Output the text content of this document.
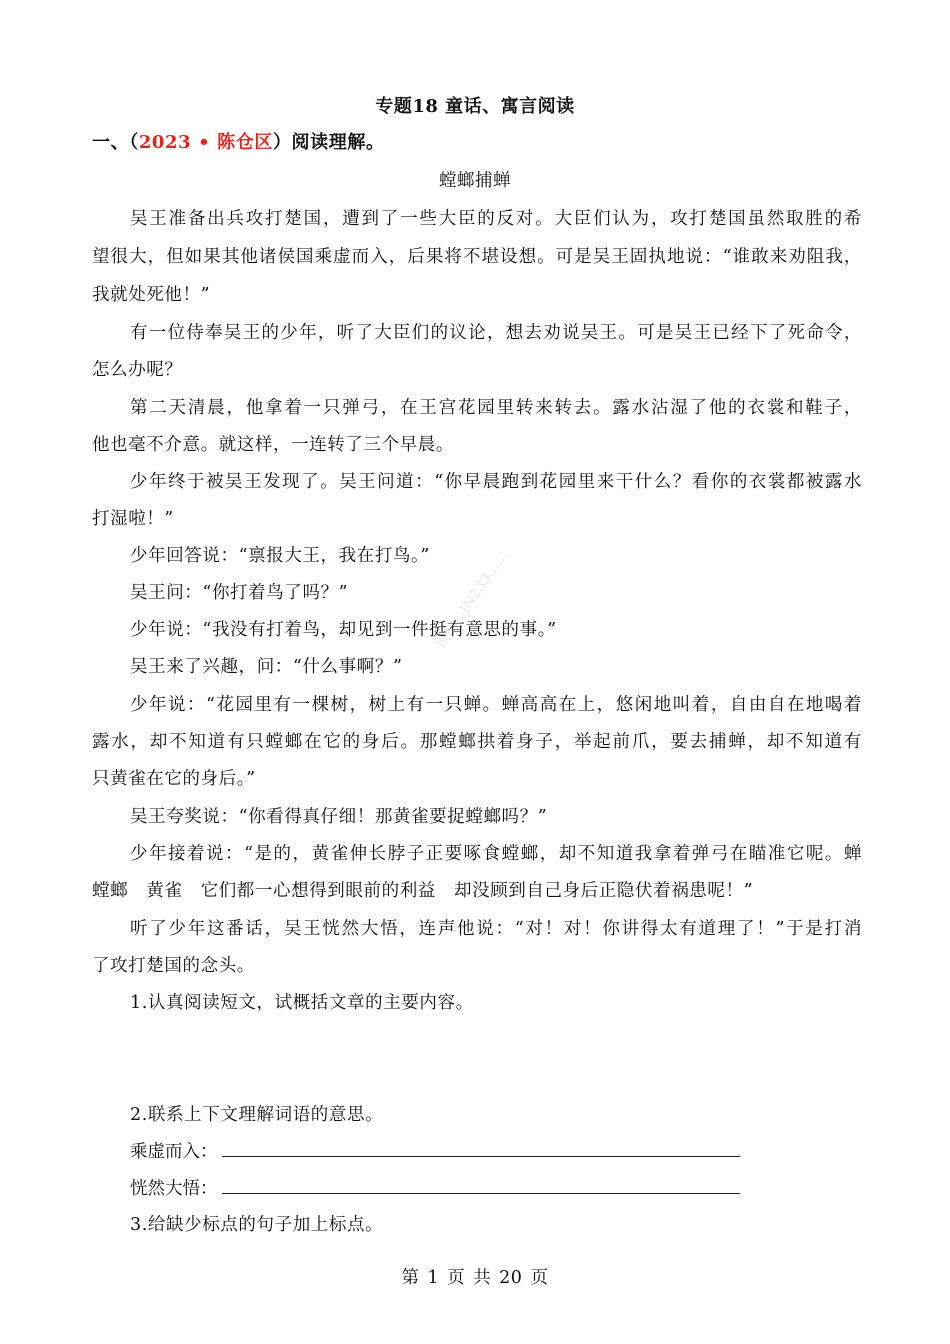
专题18 童话、寓言阅读
一、（2023 • 陈仓区）阅读理解。
螳螂捕蝉
吴王准备出兵攻打楚国，遭到了一些大臣的反对。大臣们认为，攻打楚国虽然取胜的希
望很大，但如果其他诸侯国乘虚而入，后果将不堪设想。可是吴王固执地说：“谁敢来劝阻我，
我就处死他！”
有一位侍奉吴王的少年，听了大臣们的议论，想去劝说吴王。可是吴王已经下了死命令，
怎么办呢？
第二天清晨，他拿着一只弹弓，在王宫花园里转来转去。露水沾湿了他的衣裳和鞋子，
他也毫不介意。就这样，一连转了三个早晨。
少年终于被吴王发现了。吴王问道：“你早晨跑到花园里来干什么？看你的衣裳都被露水
打湿啦！”
少年回答说：“禀报大王，我在打鸟。”
吴王问：“你打着鸟了吗？”
少年说：“我没有打着鸟，却见到一件挺有意思的事。”
吴王来了兴趣，问：“什么事啊？”
少年说：“花园里有一棵树，树上有一只蝉。蝉高高在上，悠闲地叫着，自由自在地喝着
露水，却不知道有只螳螂在它的身后。那螳螂拱着身子，举起前爪，要去捕蝉，却不知道有
只黄雀在它的身后。”
吴王夸奖说：“你看得真仔细！那黄雀要捉螳螂吗？”
少年接着说：“是的，黄雀伸长脖子正要啄食螳螂，却不知道我拿着弹弓在瞄准它呢。蝉
螳螂　黄雀　它们都一心想得到眼前的利益　却没顾到自己身后正隐伏着祸患呢！”
听了少年这番话，吴王恍然大悟，连声他说：“对！对！你讲得太有道理了！”于是打消
了攻打楚国的念头。
1.认真阅读短文，试概括文章的主要内容。
2.联系上下文理解词语的意思。
乘虚而入：
恍然大悟：
3.给缺少标点的句子加上标点。
微信：JN233……
第 1 页 共 20 页
